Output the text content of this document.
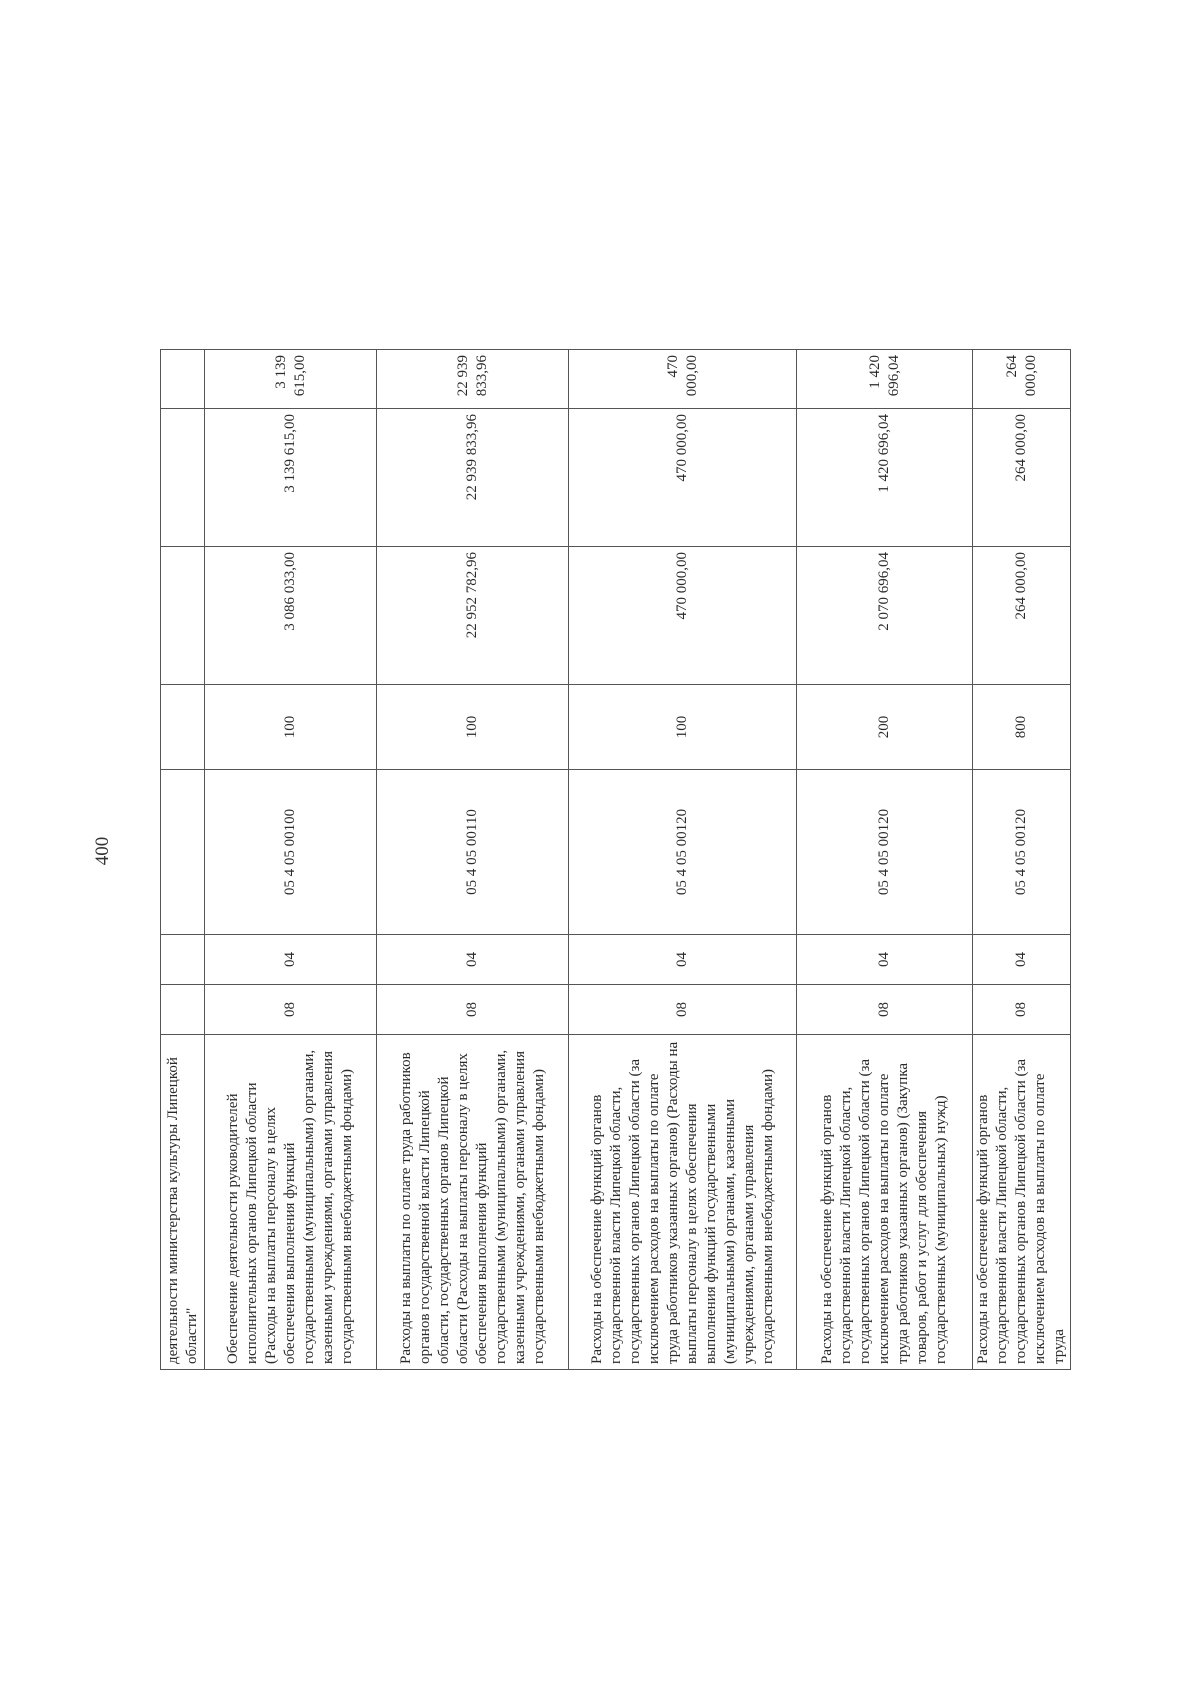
400
деятельности министерства культуры Липецкой области"							
Обеспечение деятельности руководителей исполнительных органов Липецкой области (Расходы на выплаты персоналу в целях обеспечения выполнения функций государственными (муниципальными) органами, казенными учреждениями, органами управления государственными внебюджетными фондами)	08	04	05 4 05 00100	100	3 086 033,00	3 139 615,00	3 139 615,00
Расходы на выплаты по оплате труда работников органов государственной власти Липецкой области, государственных органов Липецкой области (Расходы на выплаты персоналу в целях обеспечения выполнения функций государственными (муниципальными) органами, казенными учреждениями, органами управления государственными внебюджетными фондами)	08	04	05 4 05 00110	100	22 952 782,96	22 939 833,96	22 939 833,96
Расходы на обеспечение функций органов государственной власти Липецкой области, государственных органов Липецкой области (за исключением расходов на выплаты по оплате труда работников указанных органов) (Расходы на выплаты персоналу в целях обеспечения выполнения функций государственными (муниципальными) органами, казенными учреждениями, органами управления государственными внебюджетными фондами)	08	04	05 4 05 00120	100	470 000,00	470 000,00	470 000,00
Расходы на обеспечение функций органов государственной власти Липецкой области, государственных органов Липецкой области (за исключением расходов на выплаты по оплате труда работников указанных органов) (Закупка товаров, работ и услуг для обеспечения государственных (муниципальных) нужд)	08	04	05 4 05 00120	200	2 070 696,04	1 420 696,04	1 420 696,04
Расходы на обеспечение функций органов государственной власти Липецкой области, государственных органов Липецкой области (за исключением расходов на выплаты по оплате труда	08	04	05 4 05 00120	800	264 000,00	264 000,00	264 000,00
